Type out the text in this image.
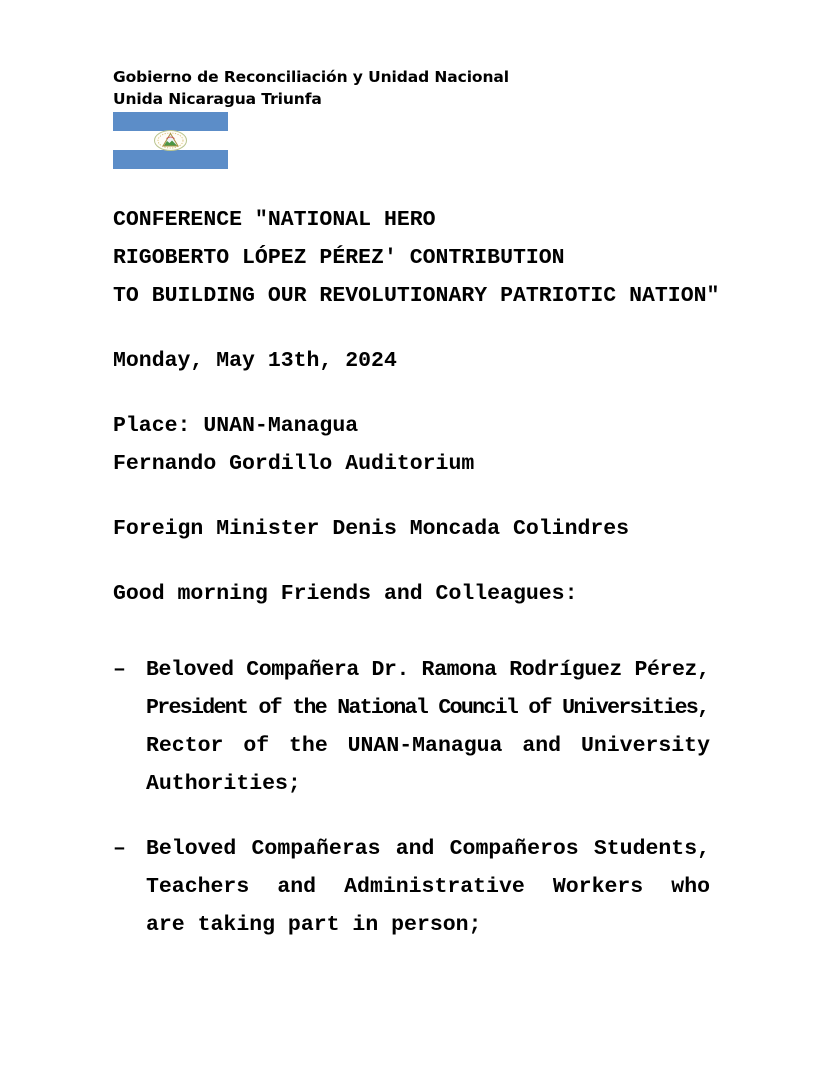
Gobierno de Reconciliación y Unidad Nacional
Unida Nicaragua Triunfa
CONFERENCE "NATIONAL HERO
RIGOBERTO LÓPEZ PÉREZ' CONTRIBUTION
TO BUILDING OUR REVOLUTIONARY PATRIOTIC NATION"
Monday, May 13th, 2024
Place: UNAN-Managua
Fernando Gordillo Auditorium
Foreign Minister Denis Moncada Colindres
Good morning Friends and Colleagues:
– Beloved Compañera Dr. Ramona Rodríguez Pérez,
President of the National Council of Universities,
Rector of the UNAN-Managua and University
Authorities;
– Beloved Compañeras and Compañeros Students,
Teachers and Administrative Workers who
are taking part in person;
